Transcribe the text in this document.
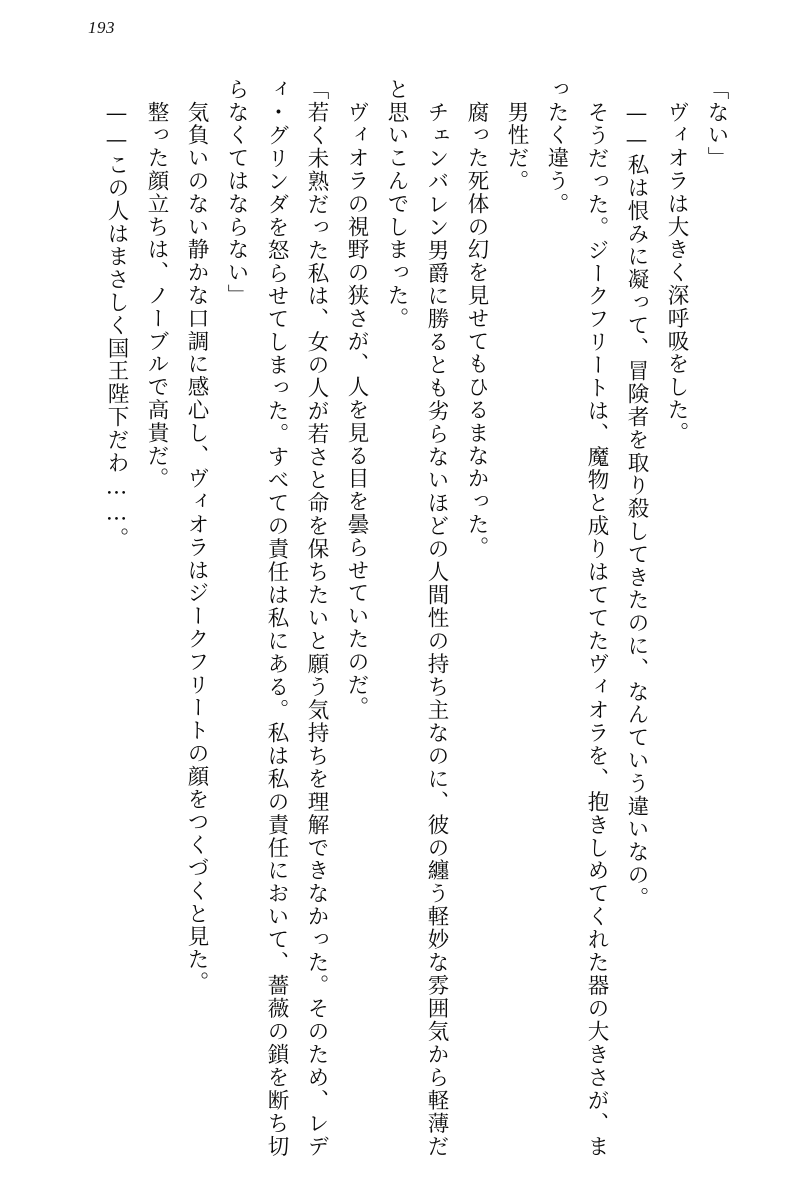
193

「ない」

　ヴィオラは大きく深呼吸をした。

　——私は恨みに凝って、冒険者を取り殺してきたのに、なんていう違いなの。

　そうだった。ジークフリートは、魔物と成りはててたヴィオラを、抱きしめてくれた器の大きさが、まったく違う。

　男性だ。

　腐った死体の幻を見せてもひるまなかった。

　チェンバレン男爵に勝るとも劣らないほどの人間性の持ち主なのに、彼の纏う軽妙な雰囲気から軽薄だと思いこんでしまった。

　ヴィオラの視野の狭さが、人を見る目を曇らせていたのだ。

「若く未熟だった私は、女の人が若さと命を保ちたいと願う気持ちを理解できなかった。そのため、レディ・グリンダを怒らせてしまった。すべての責任は私にある。私は私の責任において、薔薇の鎖を断ち切らなくてはならない」

　気負いのない静かな口調に感心し、ヴィオラはジークフリートの顔をつくづくと見た。

　整った顔立ちは、ノーブルで高貴だ。

　——この人はまさしく国王陛下だわ……。
